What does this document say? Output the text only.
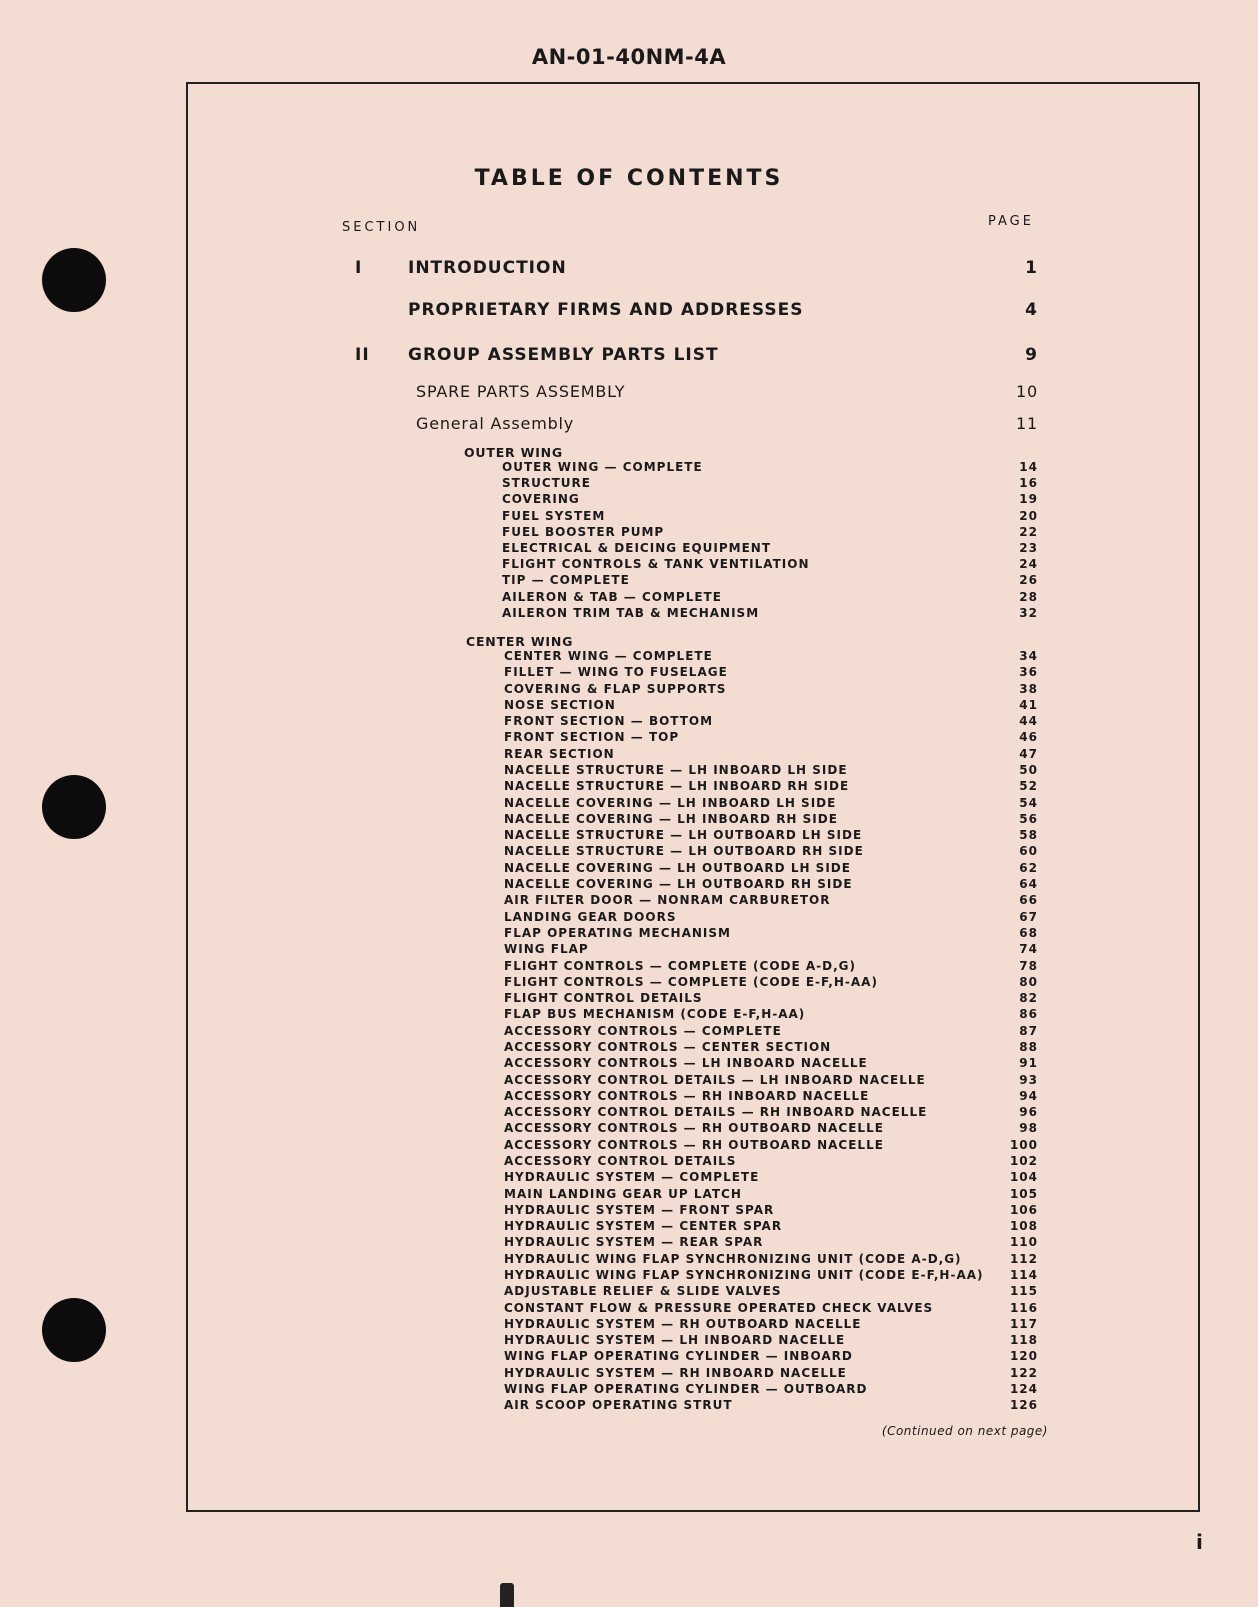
AN-01-40NM-4A
TABLE OF CONTENTS
SECTION	PAGE
I	INTRODUCTION	1
PROPRIETARY FIRMS AND ADDRESSES	4
II GROUP ASSEMBLY PARTS LIST	9
SPARE PARTS ASSEMBLY	10
General Assembly	11
OUTER WING
OUTER WING — COMPLETE	14
STRUCTURE	16
COVERING	19
FUEL SYSTEM	20
FUEL BOOSTER PUMP	22
ELECTRICAL & DEICING EQUIPMENT	23
FLIGHT CONTROLS & TANK VENTILATION	24
TIP — COMPLETE	26
AILERON & TAB — COMPLETE	28
AILERON TRIM TAB & MECHANISM	32
CENTER WING
CENTER WING — COMPLETE	34
FILLET — WING TO FUSELAGE	36
COVERING & FLAP SUPPORTS	38
NOSE SECTION	41
FRONT SECTION — BOTTOM	44
FRONT SECTION — TOP	46
REAR SECTION	47
NACELLE STRUCTURE — LH INBOARD LH SIDE	50
NACELLE STRUCTURE — LH INBOARD RH SIDE	52
NACELLE COVERING — LH INBOARD LH SIDE	54
NACELLE COVERING — LH INBOARD RH SIDE	56
NACELLE STRUCTURE — LH OUTBOARD LH SIDE	58
NACELLE STRUCTURE — LH OUTBOARD RH SIDE	60
NACELLE COVERING — LH OUTBOARD LH SIDE	62
NACELLE COVERING — LH OUTBOARD RH SIDE	64
AIR FILTER DOOR — NONRAM CARBURETOR	66
LANDING GEAR DOORS	67
FLAP OPERATING MECHANISM	68
WING FLAP	74
FLIGHT CONTROLS — COMPLETE (CODE A-D,G)	78
FLIGHT CONTROLS — COMPLETE (CODE E-F,H-AA)	80
FLIGHT CONTROL DETAILS	82
FLAP BUS MECHANISM (CODE E-F,H-AA)	86
ACCESSORY CONTROLS — COMPLETE	87
ACCESSORY CONTROLS — CENTER SECTION	88
ACCESSORY CONTROLS — LH INBOARD NACELLE	91
ACCESSORY CONTROL DETAILS — LH INBOARD NACELLE	93
ACCESSORY CONTROLS — RH INBOARD NACELLE	94
ACCESSORY CONTROL DETAILS — RH INBOARD NACELLE	96
ACCESSORY CONTROLS — RH OUTBOARD NACELLE	98
ACCESSORY CONTROLS — RH OUTBOARD NACELLE	100
ACCESSORY CONTROL DETAILS	102
HYDRAULIC SYSTEM — COMPLETE	104
MAIN LANDING GEAR UP LATCH	105
HYDRAULIC SYSTEM — FRONT SPAR	106
HYDRAULIC SYSTEM — CENTER SPAR	108
HYDRAULIC SYSTEM — REAR SPAR	110
HYDRAULIC WING FLAP SYNCHRONIZING UNIT (CODE A-D,G)	112
HYDRAULIC WING FLAP SYNCHRONIZING UNIT (CODE E-F,H-AA) 114
ADJUSTABLE RELIEF & SLIDE VALVES	115
CONSTANT FLOW & PRESSURE OPERATED CHECK VALVES	116
HYDRAULIC SYSTEM — RH OUTBOARD NACELLE	117
HYDRAULIC SYSTEM — LH INBOARD NACELLE	118
WING FLAP OPERATING CYLINDER — INBOARD	120
HYDRAULIC SYSTEM — RH INBOARD NACELLE	122
WING FLAP OPERATING CYLINDER — OUTBOARD	124
AIR SCOOP OPERATING STRUT	126
(Continued on next page)
i
